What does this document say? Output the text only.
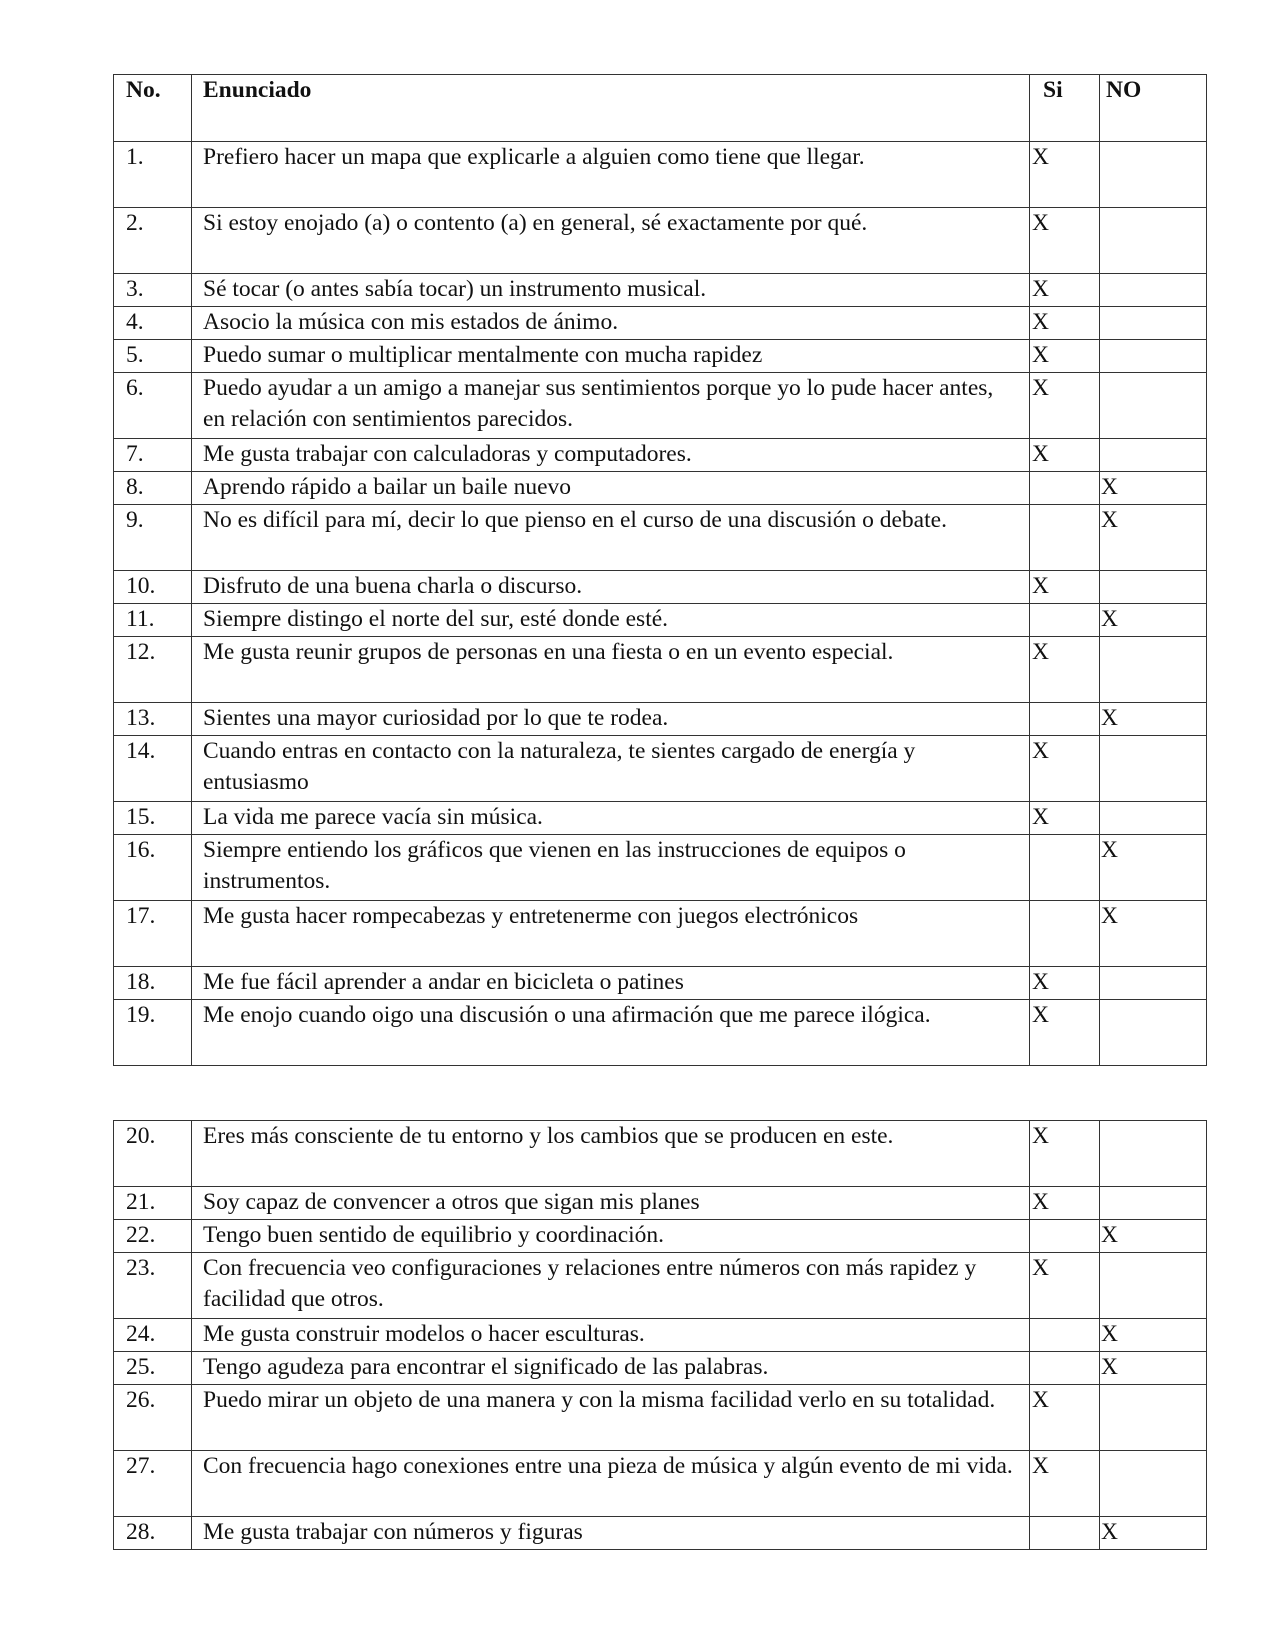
No.	Enunciado	Si	NO
1.	Prefiero hacer un mapa que explicarle a alguien como tiene que llegar.	X	
2.	Si estoy enojado (a) o contento (a) en general, sé exactamente por qué.	X	
3.	Sé tocar (o antes sabía tocar) un instrumento musical.	X	
4.	Asocio la música con mis estados de ánimo.	X	
5.	Puedo sumar o multiplicar mentalmente con mucha rapidez	X	
6.	Puedo ayudar a un amigo a manejar sus sentimientos porque yo lo pude hacer antes, en relación con sentimientos parecidos.	X	
7.	Me gusta trabajar con calculadoras y computadores.	X	
8.	Aprendo rápido a bailar un baile nuevo		X
9.	No es difícil para mí, decir lo que pienso en el curso de una discusión o debate.		X
10.	Disfruto de una buena charla o discurso.	X	
11.	Siempre distingo el norte del sur, esté donde esté.		X
12.	Me gusta reunir grupos de personas en una fiesta o en un evento especial.	X	
13.	Sientes una mayor curiosidad por lo que te rodea.		X
14.	Cuando entras en contacto con la naturaleza, te sientes cargado de energía y entusiasmo	X	
15.	La vida me parece vacía sin música.	X	
16.	Siempre entiendo los gráficos que vienen en las instrucciones de equipos o instrumentos.		X
17.	Me gusta hacer rompecabezas y entretenerme con juegos electrónicos		X
18.	Me fue fácil aprender a andar en bicicleta o patines	X	
19.	Me enojo cuando oigo una discusión o una afirmación que me parece ilógica.	X	
20.	Eres más consciente de tu entorno y los cambios que se producen en este.	X	
21.	Soy capaz de convencer a otros que sigan mis planes	X	
22.	Tengo buen sentido de equilibrio y coordinación.		X
23.	Con frecuencia veo configuraciones y relaciones entre números con más rapidez y facilidad que otros.	X	
24.	Me gusta construir modelos o hacer esculturas.		X
25.	Tengo agudeza para encontrar el significado de las palabras.		X
26.	Puedo mirar un objeto de una manera y con la misma facilidad verlo en su totalidad.	X	
27.	Con frecuencia hago conexiones entre una pieza de música y algún evento de mi vida.	X	
28.	Me gusta trabajar con números y figuras		X
